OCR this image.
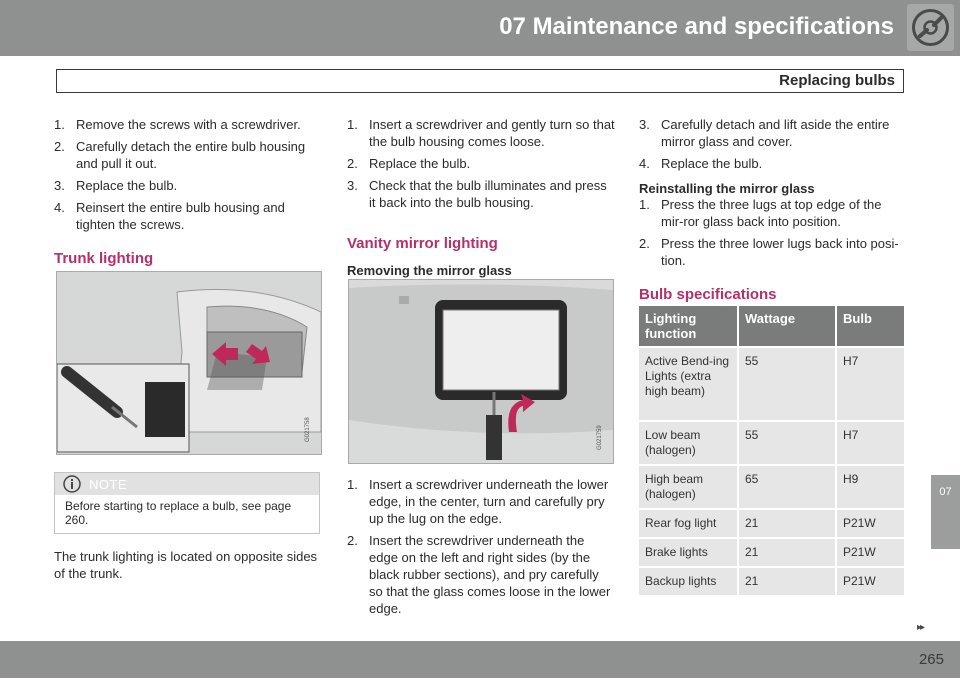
07 Maintenance and specifications
Replacing bulbs
1. Remove the screws with a screwdriver.
2. Carefully detach the entire bulb housing and pull it out.
3. Replace the bulb.
4. Reinsert the entire bulb housing and tighten the screws.
Trunk lighting
G021758
NOTE
Before starting to replace a bulb, see page 260.
The trunk lighting is located on opposite sides of the trunk.
1. Insert a screwdriver and gently turn so that the bulb housing comes loose.
2. Replace the bulb.
3. Check that the bulb illuminates and press it back into the bulb housing.
Vanity mirror lighting
Removing the mirror glass
G021759
1. Insert a screwdriver underneath the lower edge, in the center, turn and carefully pry up the lug on the edge.
2. Insert the screwdriver underneath the edge on the left and right sides (by the black rubber sections), and pry carefully so that the glass comes loose in the lower edge.
3. Carefully detach and lift aside the entire mirror glass and cover.
4. Replace the bulb.
Reinstalling the mirror glass
1. Press the three lugs at top edge of the mir-ror glass back into position.
2. Press the three lower lugs back into posi-tion.
Bulb specifications
Lighting function	Wattage	Bulb
Active Bend-ing Lights (extra high beam)	55	H7
Low beam (halogen)	55	H7
High beam (halogen)	65	H9
Rear fog light	21	P21W
Brake lights	21	P21W
Backup lights	21	P21W
07
▸▸
265
